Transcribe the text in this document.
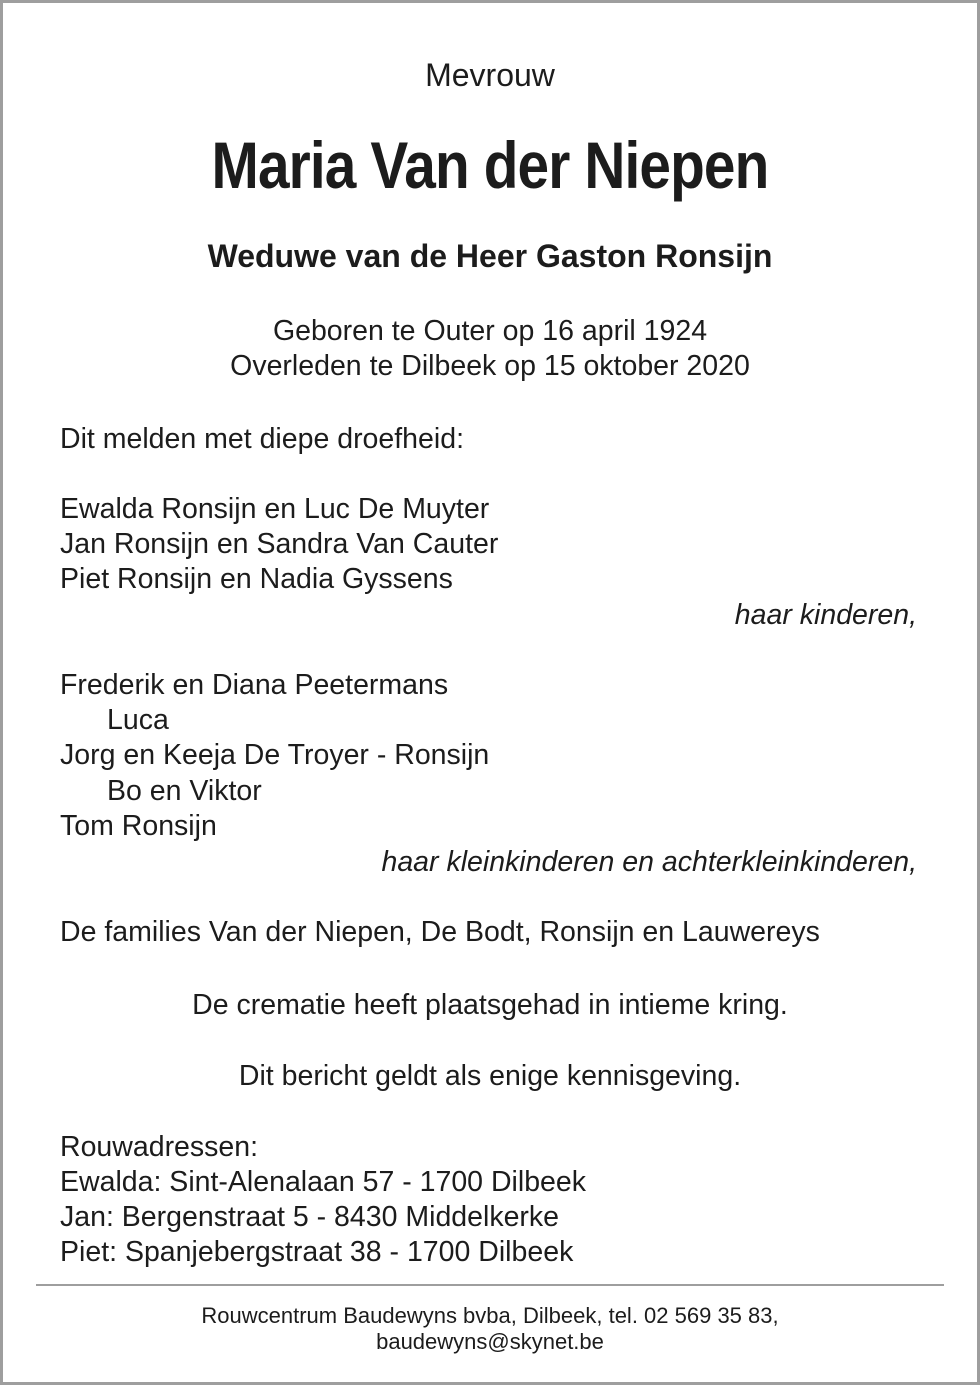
Mevrouw
Maria Van der Niepen
Weduwe van de Heer Gaston Ronsijn
Geboren te Outer op 16 april 1924
Overleden te Dilbeek op 15 oktober 2020
Dit melden met diepe droefheid:
Ewalda Ronsijn en Luc De Muyter
Jan Ronsijn en Sandra Van Cauter
Piet Ronsijn en Nadia Gyssens
haar kinderen,
Frederik en Diana Peetermans
Luca
Jorg en Keeja De Troyer - Ronsijn
Bo en Viktor
Tom Ronsijn
haar kleinkinderen en achterkleinkinderen,
De families Van der Niepen, De Bodt, Ronsijn en Lauwereys
De crematie heeft plaatsgehad in intieme kring.
Dit bericht geldt als enige kennisgeving.
Rouwadressen:
Ewalda: Sint-Alenalaan 57 - 1700 Dilbeek
Jan: Bergenstraat 5 - 8430 Middelkerke
Piet: Spanjebergstraat 38 - 1700 Dilbeek
Rouwcentrum Baudewyns bvba, Dilbeek, tel. 02 569 35 83,
baudewyns@skynet.be
